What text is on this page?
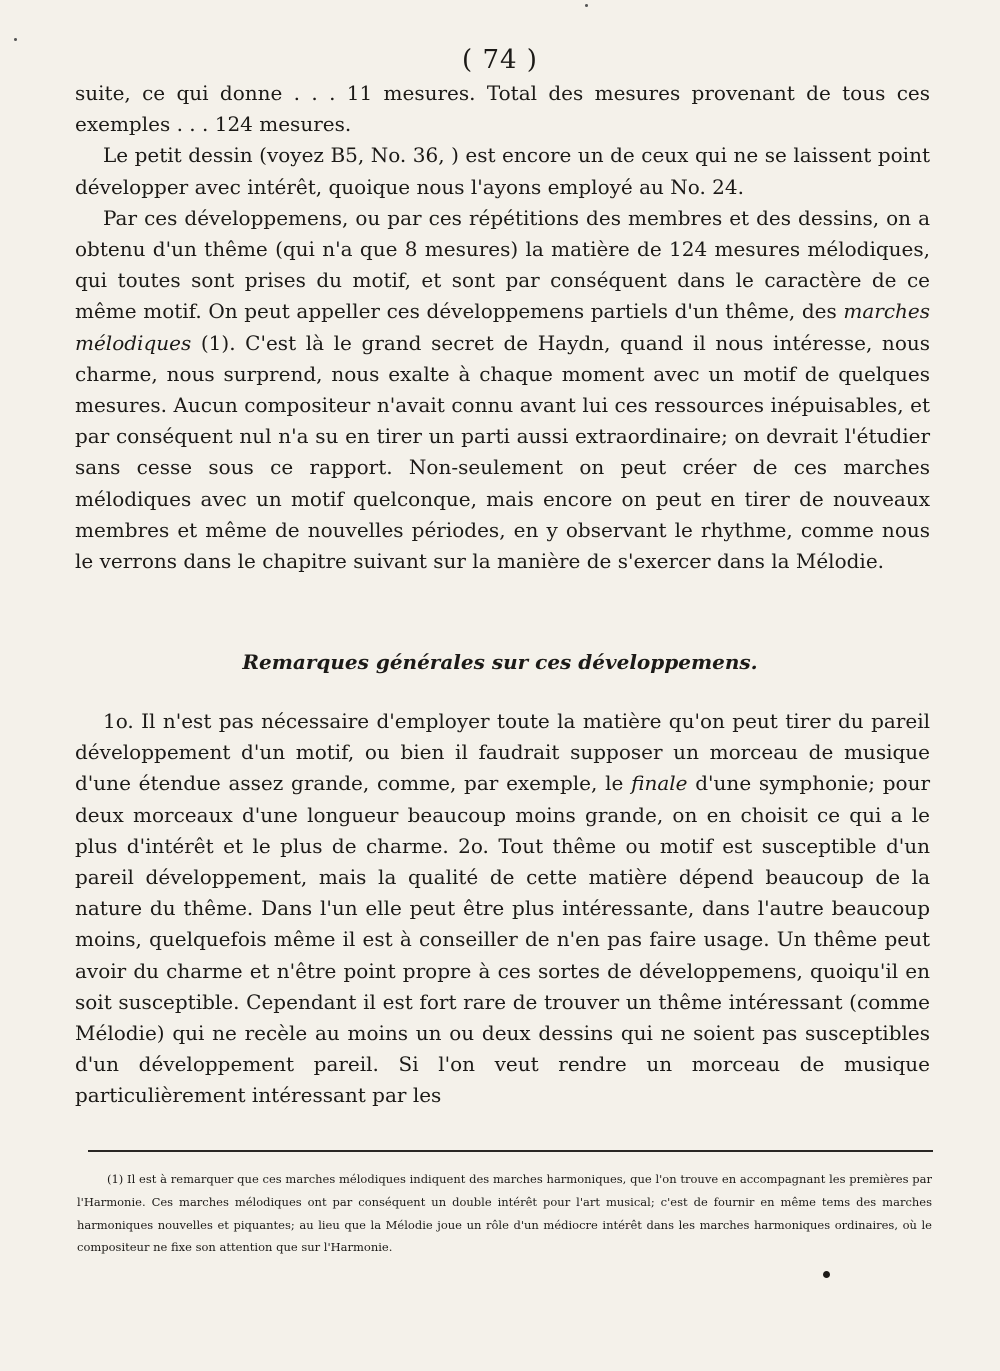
( 74 )

suite, ce qui donne . . . 11 mesures. Total des mesures provenant de tous ces exemples . . . 124 mesures.

Le petit dessin (voyez B5, No. 36, ) est encore un de ceux qui ne se laissent point développer avec intérêt, quoique nous l'ayons employé au No. 24.

Par ces développemens, ou par ces répétitions des membres et des dessins, on a obtenu d'un thême (qui n'a que 8 mesures) la matière de 124 mesures mélodiques, qui toutes sont prises du motif, et sont par conséquent dans le caractère de ce même motif. On peut appeller ces développemens partiels d'un thême, des marches mélodiques (1). C'est là le grand secret de Haydn, quand il nous intéresse, nous charme, nous surprend, nous exalte à chaque moment avec un motif de quelques mesures. Aucun compositeur n'avait connu avant lui ces ressources inépuisables, et par conséquent nul n'a su en tirer un parti aussi extraordinaire; on devrait l'étudier sans cesse sous ce rapport. Non-seulement on peut créer de ces marches mélodiques avec un motif quelconque, mais encore on peut en tirer de nouveaux membres et même de nouvelles périodes, en y observant le rhythme, comme nous le verrons dans le chapitre suivant sur la manière de s'exercer dans la Mélodie.

Remarques générales sur ces développemens.

1o. Il n'est pas nécessaire d'employer toute la matière qu'on peut tirer du pareil développement d'un motif, ou bien il faudrait supposer un morceau de musique d'une étendue assez grande, comme, par exemple, le finale d'une symphonie; pour deux morceaux d'une longueur beaucoup moins grande, on en choisit ce qui a le plus d'intérêt et le plus de charme. 2o. Tout thême ou motif est susceptible d'un pareil développement, mais la qualité de cette matière dépend beaucoup de la nature du thême. Dans l'un elle peut être plus intéressante, dans l'autre beaucoup moins, quelquefois même il est à conseiller de n'en pas faire usage. Un thême peut avoir du charme et n'être point propre à ces sortes de développemens, quoiqu'il en soit susceptible. Cependant il est fort rare de trouver un thême intéressant (comme Mélodie) qui ne recèle au moins un ou deux dessins qui ne soient pas susceptibles d'un développement pareil. Si l'on veut rendre un morceau de musique particulièrement intéressant par les

(1) Il est à remarquer que ces marches mélodiques indiquent des marches harmoniques, que l'on trouve en accompagnant les premières par l'Harmonie. Ces marches mélodiques ont par conséquent un double intérêt pour l'art musical; c'est de fournir en même tems des marches harmoniques nouvelles et piquantes; au lieu que la Mélodie joue un rôle d'un médiocre intérêt dans les marches harmoniques ordinaires, où le compositeur ne fixe son attention que sur l'Harmonie.
